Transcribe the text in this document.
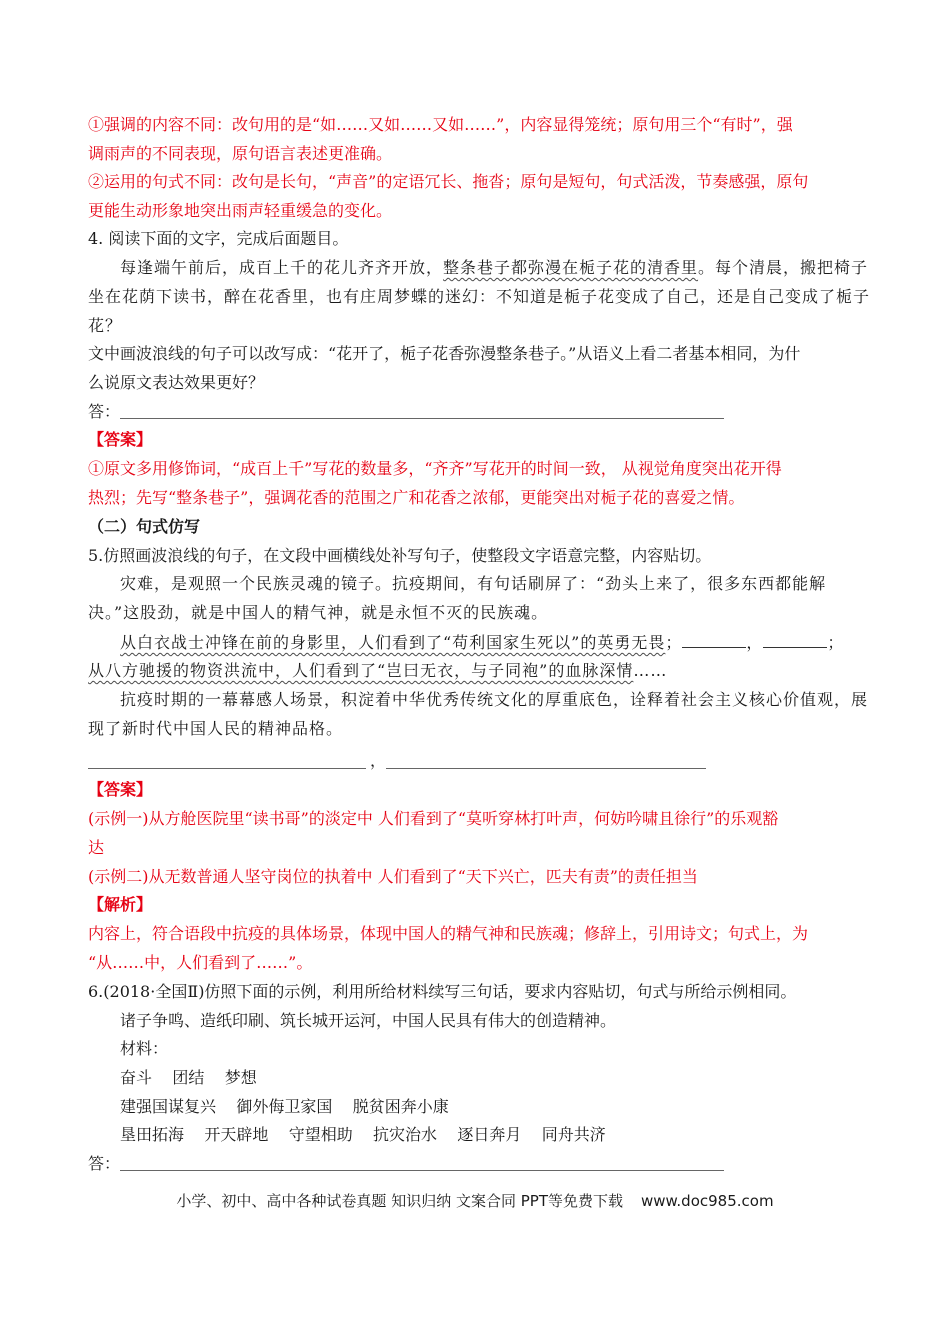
①强调的内容不同：改句用的是“如……又如……又如……”，内容显得笼统；原句用三个“有时”，强
调雨声的不同表现，原句语言表述更准确。
②运用的句式不同：改句是长句，“声音”的定语冗长、拖沓；原句是短句，句式活泼，节奏感强，原句
更能生动形象地突出雨声轻重缓急的变化。
4. 阅读下面的文字，完成后面题目。
每逢端午前后，成百上千的花儿齐齐开放，整条巷子都弥漫在栀子花的清香里。每个清晨，搬把椅子
坐在花荫下读书，醉在花香里，也有庄周梦蝶的迷幻：不知道是栀子花变成了自己，还是自己变成了栀子
花？
文中画波浪线的句子可以改写成：“花开了，栀子花香弥漫整条巷子。”从语义上看二者基本相同，为什
么说原文表达效果更好？
答：
【答案】
①原文多用修饰词，“成百上千”写花的数量多，“齐齐”写花开的时间一致， 从视觉角度突出花开得
热烈；先写“整条巷子”，强调花香的范围之广和花香之浓郁，更能突出对栀子花的喜爱之情。
（二）句式仿写
5.仿照画波浪线的句子，在文段中画横线处补写句子，使整段文字语意完整，内容贴切。
灾难，是观照一个民族灵魂的镜子。抗疫期间，有句话刷屏了：“劲头上来了，很多东西都能解
决。”这股劲，就是中国人的精气神，就是永恒不灭的民族魂。
从白衣战士冲锋在前的身影里，人们看到了“苟利国家生死以”的英勇无畏；	，	；
从八方驰援的物资洪流中，人们看到了“岂曰无衣，与子同袍”的血脉深情……
抗疫时期的一幕幕感人场景，积淀着中华优秀传统文化的厚重底色，诠释着社会主义核心价值观，展
现了新时代中国人民的精神品格。
，
【答案】
(示例一)从方舱医院里“读书哥”的淡定中 人们看到了“莫听穿林打叶声，何妨吟啸且徐行”的乐观豁
达
(示例二)从无数普通人坚守岗位的执着中 人们看到了“天下兴亡，匹夫有责”的责任担当
【解析】
内容上，符合语段中抗疫的具体场景，体现中国人的精气神和民族魂；修辞上，引用诗文；句式上，为
“从……中，人们看到了……”。
6.(2018·全国Ⅱ)仿照下面的示例，利用所给材料续写三句话，要求内容贴切，句式与所给示例相同。
诸子争鸣、造纸印刷、筑长城开运河，中国人民具有伟大的创造精神。
材料：
奋斗    团结    梦想
建强国谋复兴    御外侮卫家国    脱贫困奔小康
垦田拓海    开天辟地    守望相助    抗灾治水    逐日奔月    同舟共济
答：
小学、初中、高中各种试卷真题 知识归纳 文案合同 PPT等免费下载 www.doc985.com
